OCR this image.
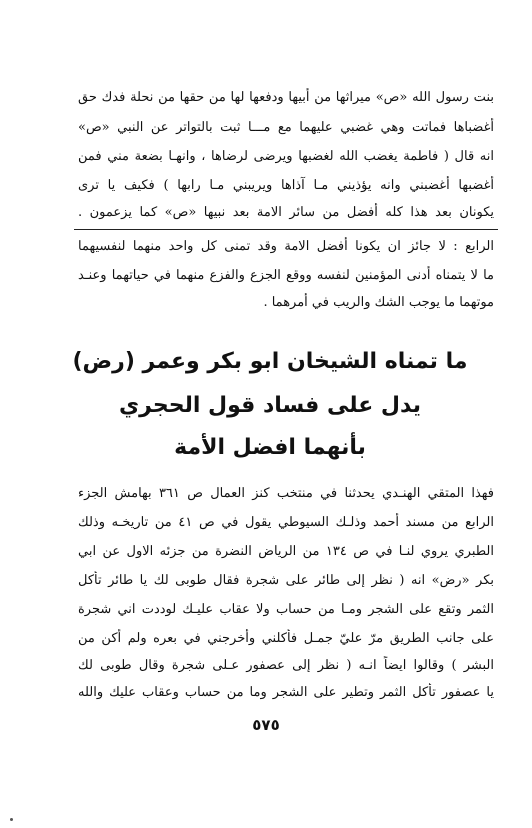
بنت رسول الله «ص» ميراثها من أبيها ودفعها لها من حقها من نحلة فدك حق
أغضباها فماتت وهي غضبي عليهما مع مـــا ثبت بالتواتر عن النبي «ص»
انه قال ( فاطمة يغضب الله لغضبها ويرضى لرضاها ، وانهـا بضعة مني فمن
أغضبها أغضبني وانه يؤذيني مـا آذاها ويريبني مـا رابها ) فكيف يا ترى
يكونان بعد هذا كله أفضل من سائر الامة بعد نبيها «ص» كما يزعمون .
الرابع : لا جائز ان يكونا أفضل الامة وقد تمنى كل واحد منهما لنفسيهما
ما لا يتمناه أدنى المؤمنين لنفسه ووقع الجزع والفزع منهما في حياتهما وعنـد
موتهما ما يوجب الشك والريب في أمرهما .
ما تمناه الشيخان ابو بكر وعمر (رض)
يدل على فساد قول الحجري
بأنهما افضل الأمة
فهذا المتقي الهنـدي يحدثنا في منتخب كنز العمال ص ٣٦١ بهامش الجزء
الرابع من مسند أحمد وذلـك السيوطي يقول في ص ٤١ من تاريخـه وذلك
الطبري يروي لنـا في ص ١٣٤ من الرياض النضرة من جزئه الاول عن ابي
بكر «رض» انه ( نظر إلى طائر على شجرة فقال طوبى لك يا طائر تأكل
الثمر وتقع على الشجر ومـا من حساب ولا عقاب عليـك لوددت اني شجرة
على جانب الطريق مرّ عليّ جمـل فأكلني وأخرجني في بعره ولم أكن من
البشر ) وقالوا ايضاً انـه ( نظر إلى عصفور عـلى شجرة وقال طوبى لك
يا عصفور تأكل الثمر وتطير على الشجر وما من حساب وعقاب عليك والله
٥٧٥
